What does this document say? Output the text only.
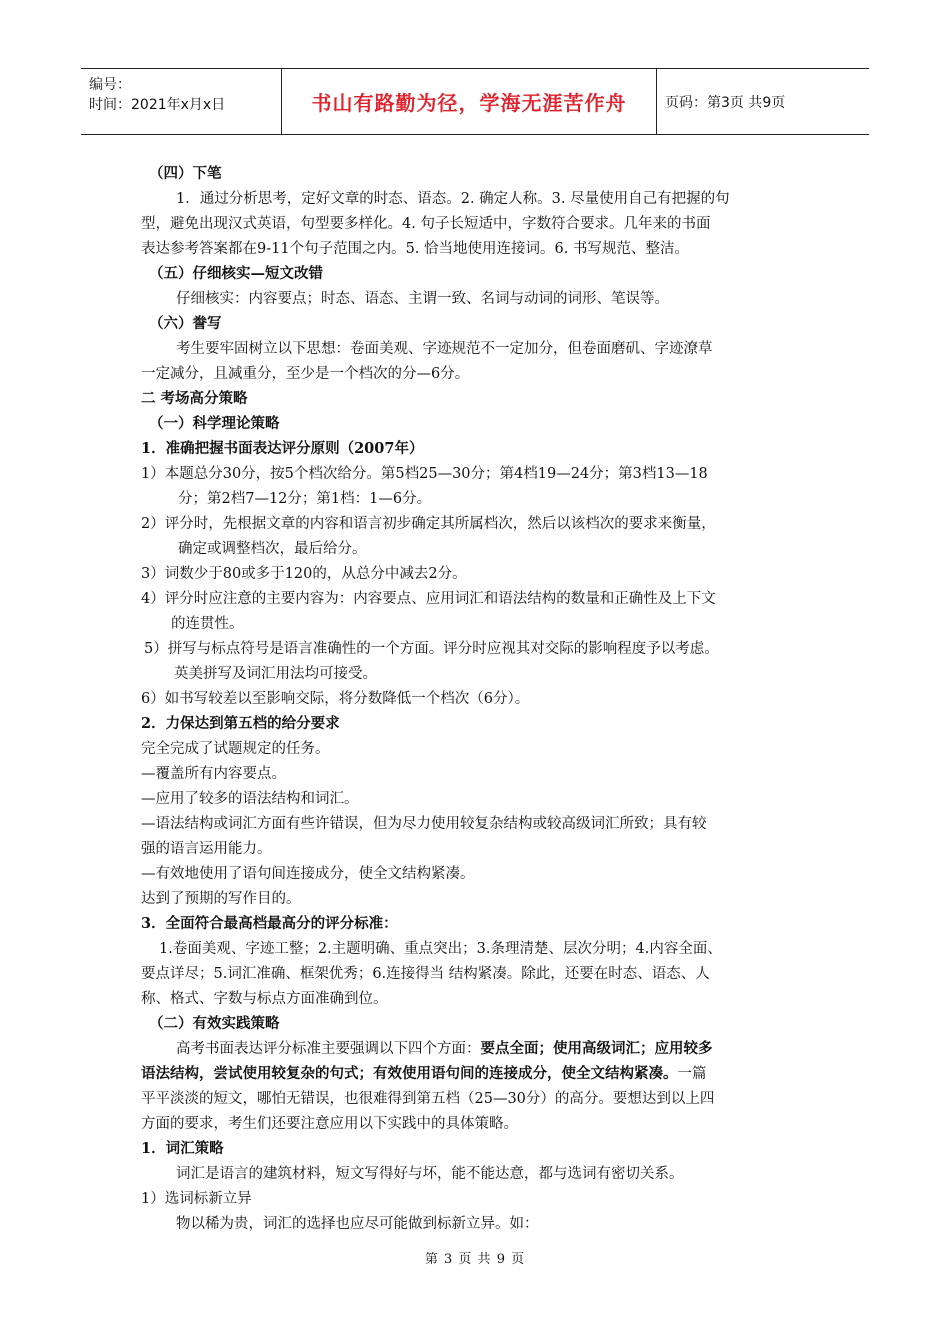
编号：
时间：2021年x月x日	书山有路勤为径，学海无涯苦作舟	页码：第3页 共9页
（四）下笔
1．通过分析思考，定好文章的时态、语态。2. 确定人称。3. 尽量使用自己有把握的句
型，避免出现汉式英语，句型要多样化。4. 句子长短适中，字数符合要求。几年来的书面
表达参考答案都在9-11个句子范围之内。5. 恰当地使用连接词。6. 书写规范、整洁。
（五）仔细核实—短文改错
仔细核实：内容要点；时态、语态、主谓一致、名词与动词的词形、笔误等。
（六）誊写
考生要牢固树立以下思想：卷面美观、字迹规范不一定加分，但卷面磨矶、字迹潦草
一定减分，且减重分，至少是一个档次的分—6分。
二 考场高分策略
（一）科学理论策略
1．准确把握书面表达评分原则（2007年）
1）本题总分30分，按5个档次给分。第5档25—30分；第4档19—24分；第3档13—18
分；第2档7—12分；第1档：1—6分。
2）评分时，先根据文章的内容和语言初步确定其所属档次，然后以该档次的要求来衡量，
确定或调整档次，最后给分。
3）词数少于80或多于120的，从总分中减去2分。
4）评分时应注意的主要内容为：内容要点、应用词汇和语法结构的数量和正确性及上下文
的连贯性。
5）拼写与标点符号是语言准确性的一个方面。评分时应视其对交际的影响程度予以考虑。
英美拼写及词汇用法均可接受。
6）如书写较差以至影响交际，将分数降低一个档次（6分）。
2．力保达到第五档的给分要求
完全完成了试题规定的任务。
—覆盖所有内容要点。
—应用了较多的语法结构和词汇。
—语法结构或词汇方面有些许错误，但为尽力使用较复杂结构或较高级词汇所致；具有较
强的语言运用能力。
—有效地使用了语句间连接成分，使全文结构紧凑。
达到了预期的写作目的。
3．全面符合最高档最高分的评分标准：
1.卷面美观、字迹工整；2.主题明确、重点突出；3.条理清楚、层次分明；4.内容全面、
要点详尽；5.词汇准确、框架优秀；6.连接得当 结构紧凑。除此，还要在时态、语态、人
称、格式、字数与标点方面准确到位。
（二）有效实践策略
高考书面表达评分标准主要强调以下四个方面：要点全面；使用高级词汇；应用较多
语法结构，尝试使用较复杂的句式；有效使用语句间的连接成分，使全文结构紧凑。一篇
平平淡淡的短文，哪怕无错误，也很难得到第五档（25—30分）的高分。要想达到以上四
方面的要求，考生们还要注意应用以下实践中的具体策略。
1．词汇策略
词汇是语言的建筑材料，短文写得好与坏，能不能达意，都与选词有密切关系。
1）选词标新立异
物以稀为贵，词汇的选择也应尽可能做到标新立异。如：
第 3 页 共 9 页
